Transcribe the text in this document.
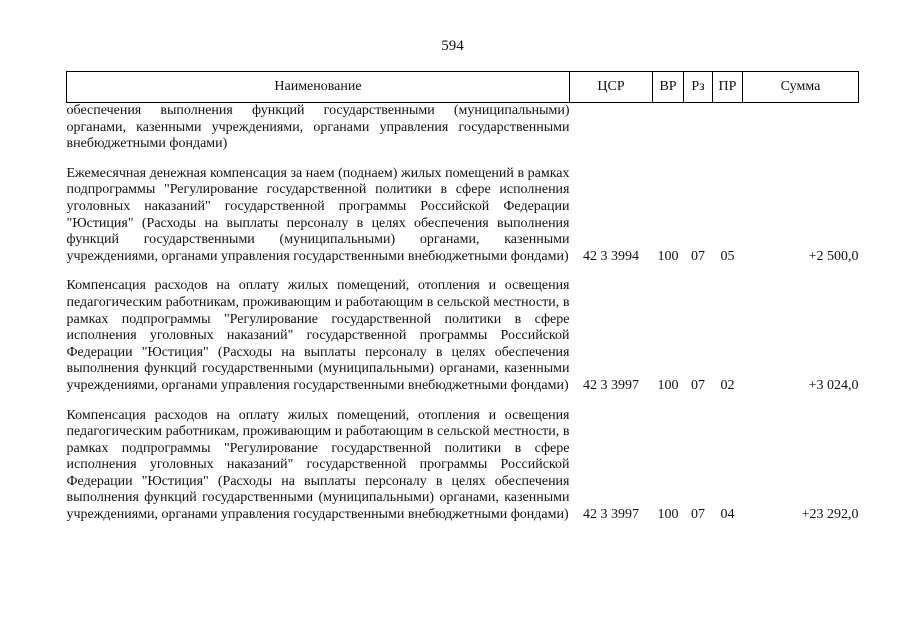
594
Наименование	ЦСР	ВР	Рз	ПР	Сумма
обеспечения выполнения функций государственными (муниципальными) органами, казенными учреждениями, органами управления государственными внебюджетными фондами)					
Ежемесячная денежная компенсация за наем (поднаем) жилых помещений в рамках подпрограммы "Регулирование государственной политики в сфере исполнения уголовных наказаний" государственной программы Российской Федерации "Юстиция" (Расходы на выплаты персоналу в целях обеспечения выполнения функций государственными (муниципальными) органами, казенными учреждениями, органами управления государственными внебюджетными фондами)	42 3 3994	100	07	05	+2 500,0
Компенсация расходов на оплату жилых помещений, отопления и освещения педагогическим работникам, проживающим и работающим в сельской местности, в рамках подпрограммы "Регулирование государственной политики в сфере исполнения уголовных наказаний" государственной программы Российской Федерации "Юстиция" (Расходы на выплаты персоналу в целях обеспечения выполнения функций государственными (муниципальными) органами, казенными учреждениями, органами управления государственными внебюджетными фондами)	42 3 3997	100	07	02	+3 024,0
Компенсация расходов на оплату жилых помещений, отопления и освещения педагогическим работникам, проживающим и работающим в сельской местности, в рамках подпрограммы "Регулирование государственной политики в сфере исполнения уголовных наказаний" государственной программы Российской Федерации "Юстиция" (Расходы на выплаты персоналу в целях обеспечения выполнения функций государственными (муниципальными) органами, казенными учреждениями, органами управления государственными внебюджетными фондами)	42 3 3997	100	07	04	+23 292,0
